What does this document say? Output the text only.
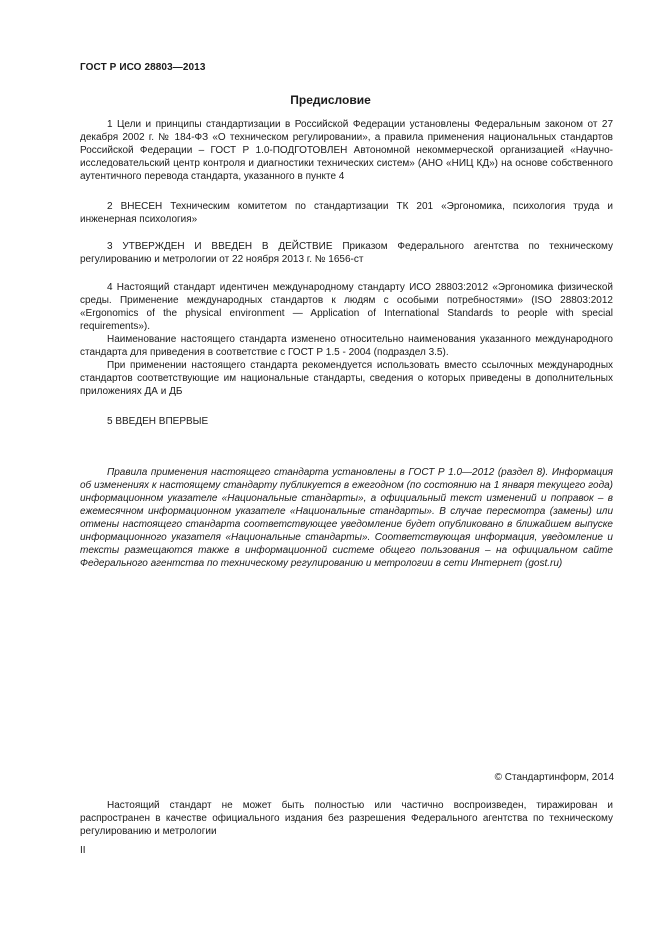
ГОСТ Р ИСО 28803—2013
Предисловие

1 Цели и принципы стандартизации в Российской Федерации установлены Федеральным законом от 27 декабря 2002 г. № 184-ФЗ «О техническом регулировании», а правила применения национальных стандартов Российской Федерации – ГОСТ Р 1.0-ПОДГОТОВЛЕН Автономной некоммерческой организацией «Научно-исследовательский центр контроля и диагностики технических систем» (АНО «НИЦ КД») на основе собственного аутентичного перевода стандарта, указанного в пункте 4

2 ВНЕСЕН Техническим комитетом по стандартизации ТК 201 «Эргономика, психология труда и инженерная психология»

3 УТВЕРЖДЕН И ВВЕДЕН В ДЕЙСТВИЕ Приказом Федерального агентства по техническому регулированию и метрологии от 22 ноября 2013 г. № 1656-ст

4 Настоящий стандарт идентичен международному стандарту ИСО 28803:2012 «Эргономика физической среды. Применение международных стандартов к людям с особыми потребностями» (ISO 28803:2012 «Ergonomics of the physical environment — Application of International Standards to people with special requirements»).

Наименование настоящего стандарта изменено относительно наименования указанного международного стандарта для приведения в соответствие с ГОСТ Р 1.5 - 2004 (подраздел 3.5).

При применении настоящего стандарта рекомендуется использовать вместо ссылочных международных стандартов соответствующие им национальные стандарты, сведения о которых приведены в дополнительных приложениях ДА и ДБ

5 ВВЕДЕН ВПЕРВЫЕ

Правила применения настоящего стандарта установлены в ГОСТ Р 1.0—2012 (раздел 8). Информация об изменениях к настоящему стандарту публикуется в ежегодном (по состоянию на 1 января текущего года) информационном указателе «Национальные стандарты», а официальный текст изменений и поправок – в ежемесячном информационном указателе «Национальные стандарты». В случае пересмотра (замены) или отмены настоящего стандарта соответствующее уведомление будет опубликовано в ближайшем выпуске информационного указателя «Национальные стандарты». Соответствующая информация, уведомление и тексты размещаются также в информационной системе общего пользования – на официальном сайте Федерального агентства по техническому регулированию и метрологии в сети Интернет (gost.ru)

© Стандартинформ, 2014

Настоящий стандарт не может быть полностью или частично воспроизведен, тиражирован и распространен в качестве официального издания без разрешения Федерального агентства по техническому регулированию и метрологии

II
